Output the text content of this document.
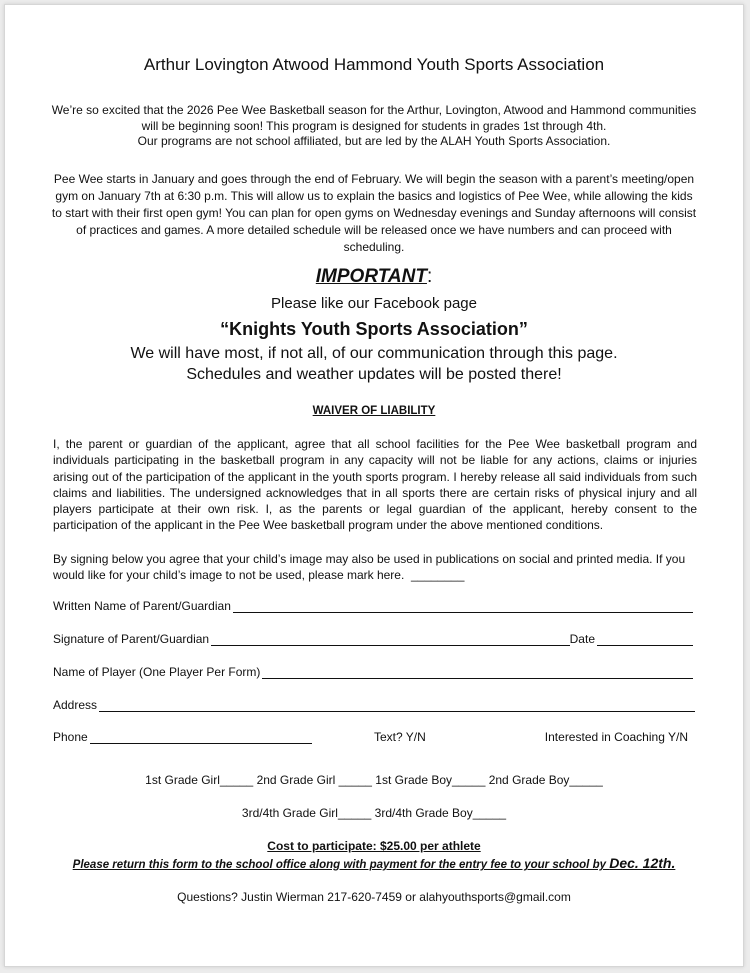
Arthur Lovington Atwood Hammond Youth Sports Association
We’re so excited that the 2026 Pee Wee Basketball season for the Arthur, Lovington, Atwood and Hammond communities
will be beginning soon! This program is designed for students in grades 1st through 4th.
Our programs are not school affiliated, but are led by the ALAH Youth Sports Association.
Pee Wee starts in January and goes through the end of February. We will begin the season with a parent’s meeting/open
gym on January 7th at 6:30 p.m. This will allow us to explain the basics and logistics of Pee Wee, while allowing the kids
to start with their first open gym! You can plan for open gyms on Wednesday evenings and Sunday afternoons will consist
of practices and games. A more detailed schedule will be released once we have numbers and can proceed with
scheduling.
IMPORTANT:
Please like our Facebook page
“Knights Youth Sports Association”
We will have most, if not all, of our communication through this page.
Schedules and weather updates will be posted there!
WAIVER OF LIABILITY
I, the parent or guardian of the applicant, agree that all school facilities for the Pee Wee basketball program and individuals participating in the basketball program in any capacity will not be liable for any actions, claims or injuries arising out of the participation of the applicant in the youth sports program. I hereby release all said individuals from such claims and liabilities. The undersigned acknowledges that in all sports there are certain risks of physical injury and all players participate at their own risk. I, as the parents or legal guardian of the applicant, hereby consent to the participation of the applicant in the Pee Wee basketball program under the above mentioned conditions.
By signing below you agree that your child’s image may also be used in publications on social and printed media. If you
would like for your child’s image to not be used, please mark here. ________
Written Name of Parent/Guardian
Signature of Parent/Guardian	Date
Name of Player (One Player Per Form)
Address
Phone	Text? Y/N	Interested in Coaching Y/N
1st Grade Girl_____ 2nd Grade Girl _____ 1st Grade Boy_____ 2nd Grade Boy_____
3rd/4th Grade Girl_____ 3rd/4th Grade Boy_____
Cost to participate: $25.00 per athlete
Please return this form to the school office along with payment for the entry fee to your school by Dec. 12th.
Questions? Justin Wierman 217-620-7459 or alahyouthsports@gmail.com
